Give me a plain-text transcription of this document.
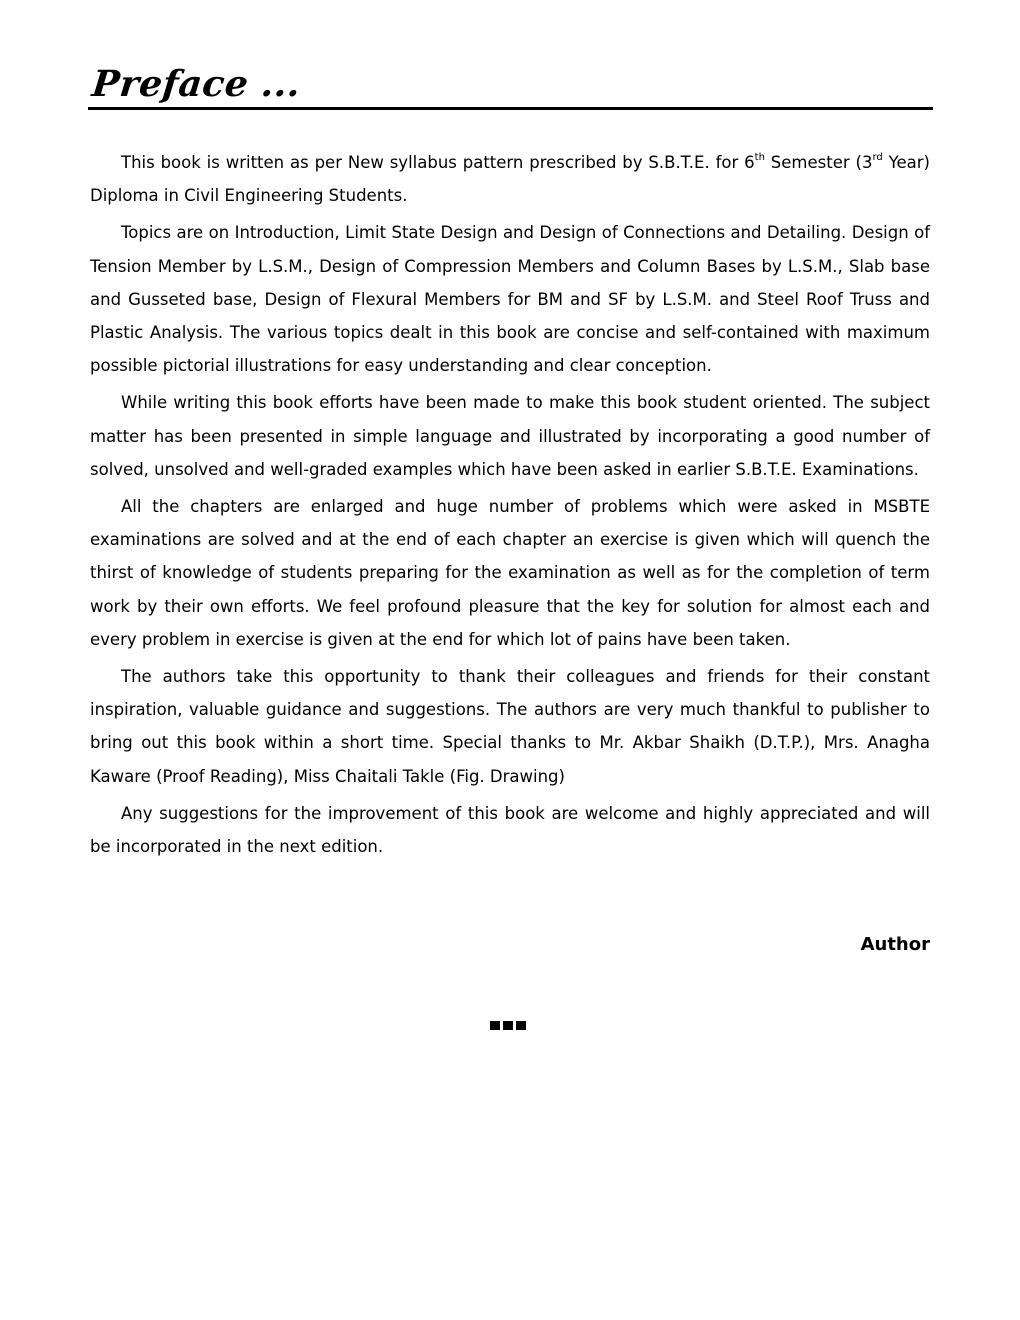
Preface ...

This book is written as per New syllabus pattern prescribed by S.B.T.E. for 6th Semester (3rd Year) Diploma in Civil Engineering Students.

Topics are on Introduction, Limit State Design and Design of Connections and Detailing. Design of Tension Member by L.S.M., Design of Compression Members and Column Bases by L.S.M., Slab base and Gusseted base, Design of Flexural Members for BM and SF by L.S.M. and Steel Roof Truss and Plastic Analysis. The various topics dealt in this book are concise and self-contained with maximum possible pictorial illustrations for easy understanding and clear conception.

While writing this book efforts have been made to make this book student oriented. The subject matter has been presented in simple language and illustrated by incorporating a good number of solved, unsolved and well-graded examples which have been asked in earlier S.B.T.E. Examinations.

All the chapters are enlarged and huge number of problems which were asked in MSBTE examinations are solved and at the end of each chapter an exercise is given which will quench the thirst of knowledge of students preparing for the examination as well as for the completion of term work by their own efforts. We feel profound pleasure that the key for solution for almost each and every problem in exercise is given at the end for which lot of pains have been taken.

The authors take this opportunity to thank their colleagues and friends for their constant inspiration, valuable guidance and suggestions. The authors are very much thankful to publisher to bring out this book within a short time. Special thanks to Mr. Akbar Shaikh (D.T.P.), Mrs. Anagha Kaware (Proof Reading), Miss Chaitali Takle (Fig. Drawing)

Any suggestions for the improvement of this book are welcome and highly appreciated and will be incorporated in the next edition.

Author
